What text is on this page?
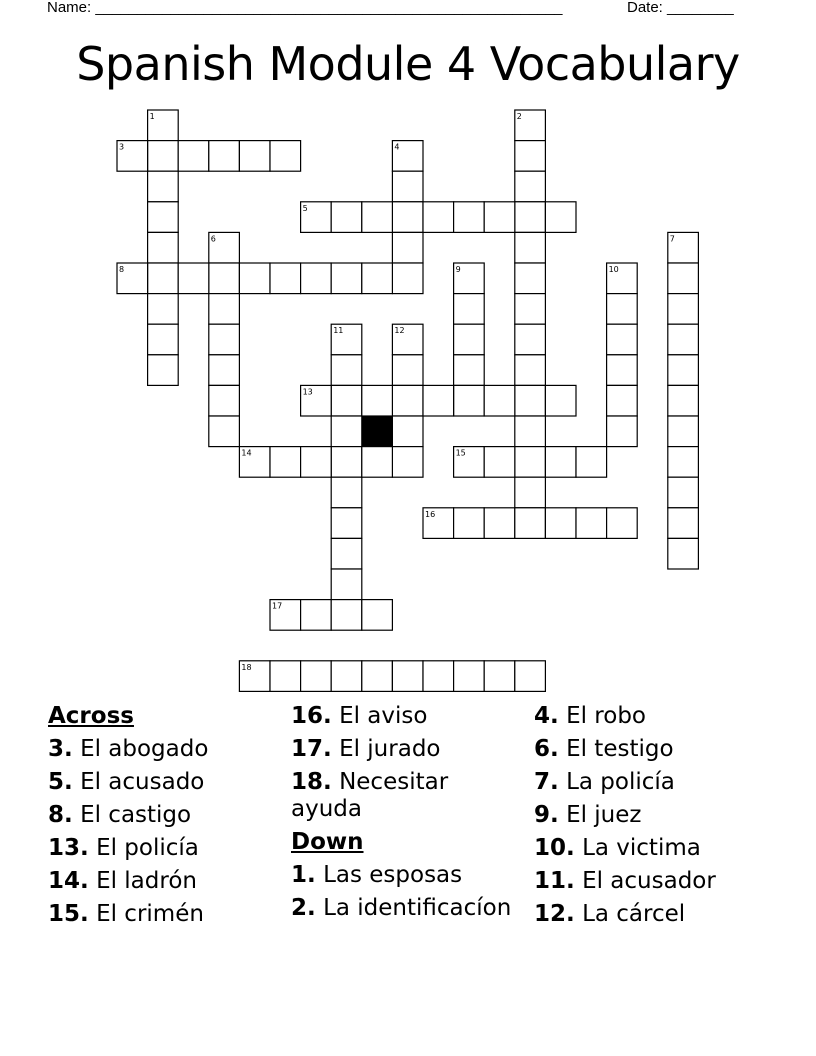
Name: ________________________________________________________	Date: ________
Spanish Module 4 Vocabulary
1	2
3	4
5
6	7
8	9	10
11	12
13
14	15
16
17
18
Across
3. El abogado
5. El acusado
8. El castigo
13. El policía
14. El ladrón
15. El crimén
16. El aviso
17. El jurado
18. Necesitar ayuda
Down
1. Las esposas
2. La identificacíon
4. El robo
6. El testigo
7. La policía
9. El juez
10. La victima
11. El acusador
12. La cárcel
